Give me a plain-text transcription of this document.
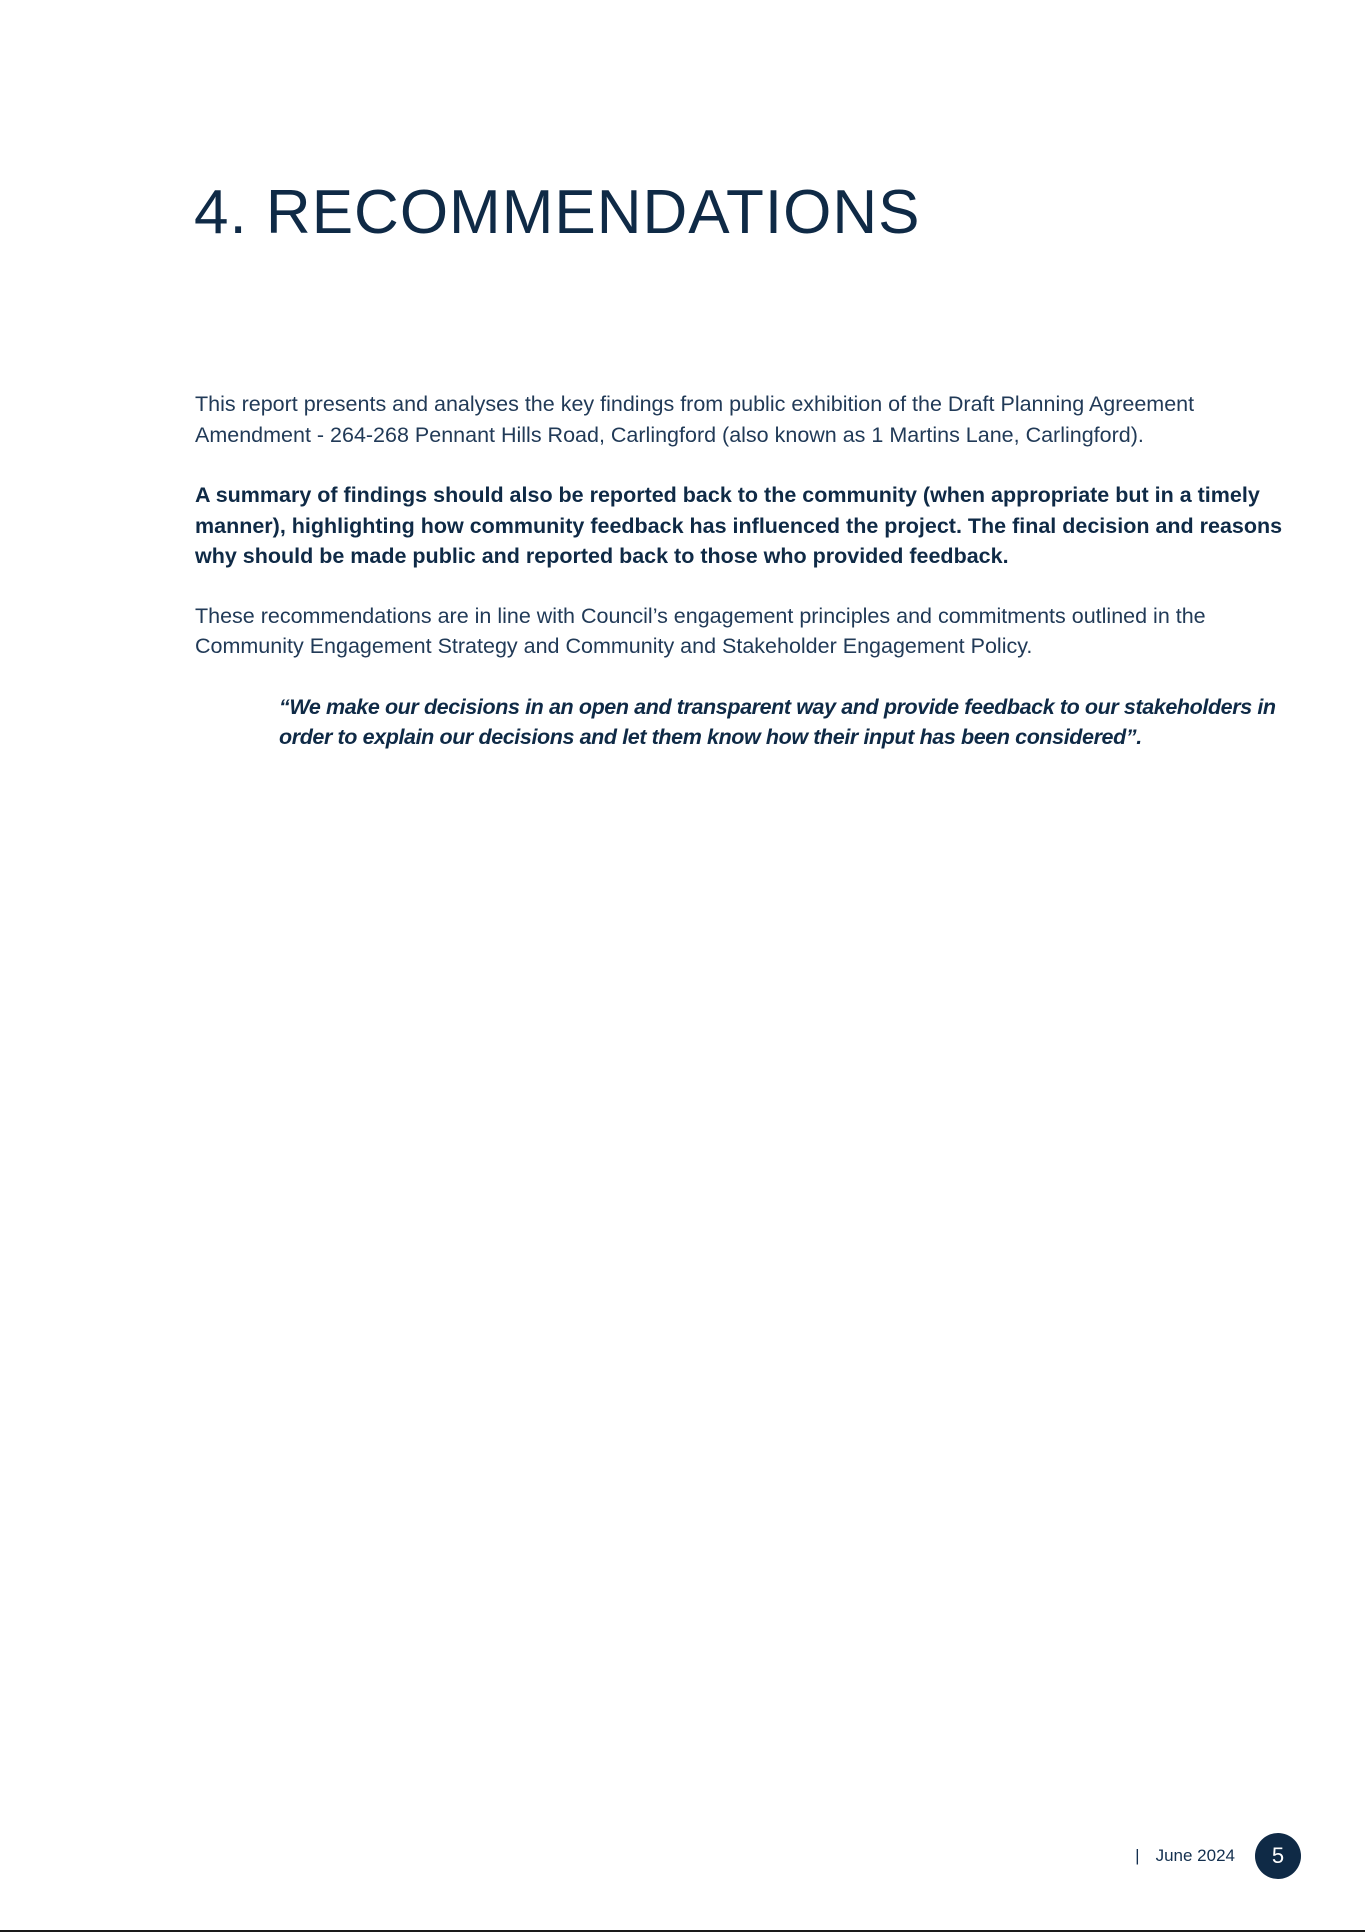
4. RECOMMENDATIONS

This report presents and analyses the key findings from public exhibition of the Draft Planning Agreement Amendment - 264-268 Pennant Hills Road, Carlingford (also known as 1 Martins Lane, Carlingford).

A summary of findings should also be reported back to the community (when appropriate but in a timely manner), highlighting how community feedback has influenced the project. The final decision and reasons why should be made public and reported back to those who provided feedback.

These recommendations are in line with Council’s engagement principles and commitments outlined in the Community Engagement Strategy and Community and Stakeholder Engagement Policy.

“We make our decisions in an open and transparent way and provide feedback to our stakeholders in order to explain our decisions and let them know how their input has been considered”.

| June 2024	5
